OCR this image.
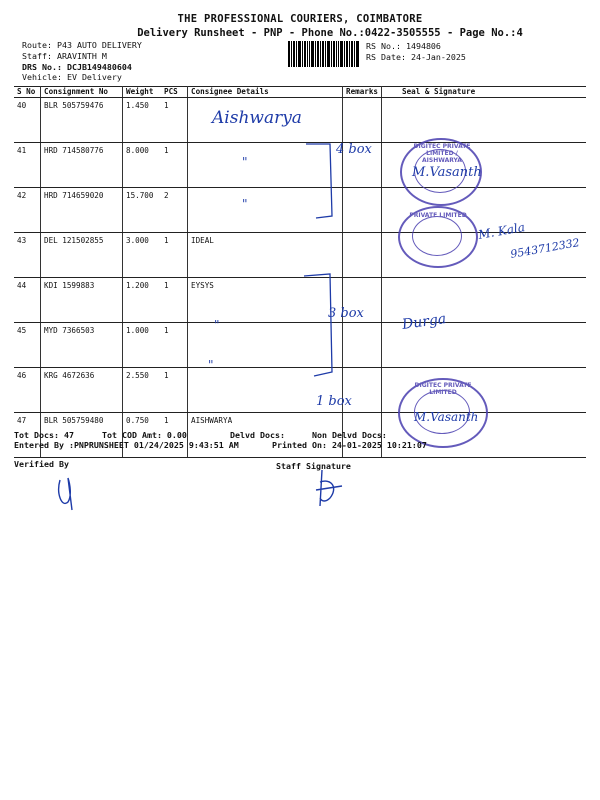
THE PROFESSIONAL COURIERS, COIMBATORE
Delivery Runsheet - PNP - Phone No.:0422-3505555 - Page No.:4
Route: P43 AUTO DELIVERY
Staff: ARAVINTH M
DRS No.: DCJB149480604
Vehicle: EV Delivery
RS No.: 1494806
RS Date: 24-Jan-2025
S No	Consignment No	Weight	PCS	Consignee Details	Remarks	Seal & Signature
40	BLR 505759476	1.450	1			
41	HRD 714580776	8.000	1			
42	HRD 714659020	15.700	2			
43	DEL 121502855	3.000	1	IDEAL		
44	KDI 1599883	1.200	1	EYSYS		
45	MYD 7366503	1.000	1			
46	KRG 4672636	2.550	1			
47	BLR 505759480	0.750	1	AISHWARYA		
Aishwarya
"
"
"
"
4 box
3 box
1 box
DIGITEC PRIVATE LIMITED / AISHWARYA
PRIVATE LIMITED
DIGITEC PRIVATE LIMITED
M.Vasanth
M. Kala
9543712332
Durga
M.Vasanth
Tot Docs: 47	Tot COD Amt: 0.00	Delvd Docs:	Non Delvd Docs:
Entered By :PNPRUNSHEET 01/24/2025 9:43:51 AM	Printed On: 24-01-2025 10:21:07
Verified By	Staff Signature
